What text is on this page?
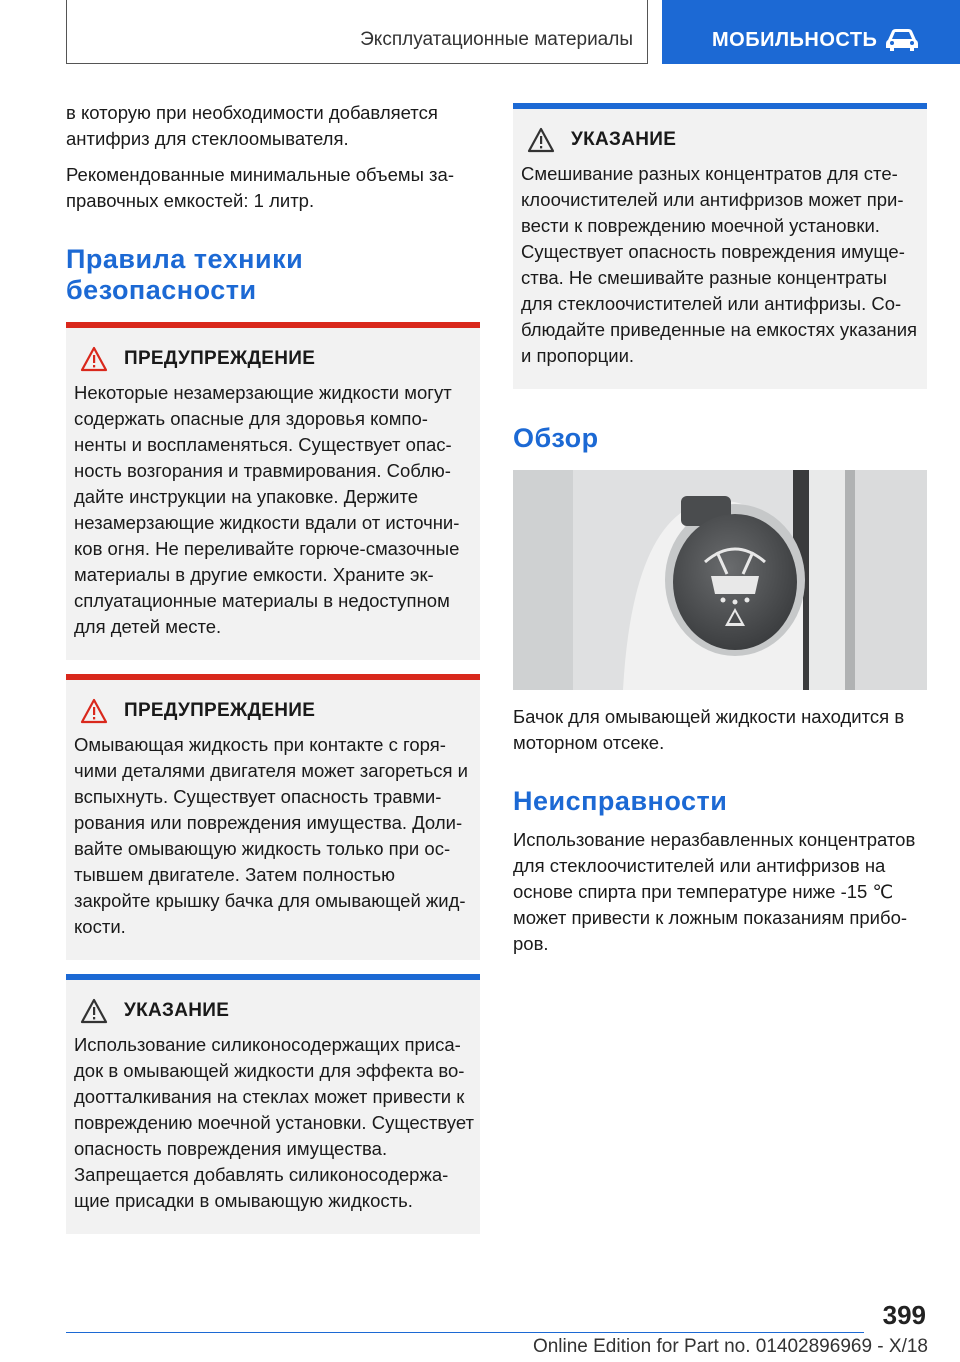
Эксплуатационные материалы	МОБИЛЬНОСТЬ

в которую при необходимости добавляется антифриз для стеклоомывателя.

Рекомендованные минимальные объемы заправочных емкостей: 1 литр.

Правила техники безопасности
ПРЕДУПРЕЖДЕНИЕ
Некоторые незамерзающие жидкости могут содержать опасные для здоровья компоненты и воспламеняться. Существует опасность возгорания и травмирования. Соблюдайте инструкции на упаковке. Держите незамерзающие жидкости вдали от источников огня. Не переливайте горюче-смазочные материалы в другие емкости. Храните эксплуатационные материалы в недоступном для детей месте.
ПРЕДУПРЕЖДЕНИЕ
Омывающая жидкость при контакте с горячими деталями двигателя может загореться и вспыхнуть. Существует опасность травмирования или повреждения имущества. Доливайте омывающую жидкость только при остывшем двигателе. Затем полностью закройте крышку бачка для омывающей жидкости.
УКАЗАНИЕ
Использование силиконосодержащих присадок в омывающей жидкости для эффекта водоотталкивания на стеклах может привести к повреждению моечной установки. Существует опасность повреждения имущества. Запрещается добавлять силиконосодержащие присадки в омывающую жидкость.
УКАЗАНИЕ
Смешивание разных концентратов для стеклоочистителей или антифризов может привести к повреждению моечной установки. Существует опасность повреждения имущества. Не смешивайте разные концентраты для стеклоочистителей или антифризы. Соблюдайте приведенные на емкостях указания и пропорции.
Обзор

Бачок для омывающей жидкости находится в моторном отсеке.

Неисправности

Использование неразбавленных концентратов для стеклоочистителей или антифризов на основе спирта при температуре ниже -15 ℃ может привести к ложным показаниям приборов.

399
Online Edition for Part no. 01402896969 - X/18
